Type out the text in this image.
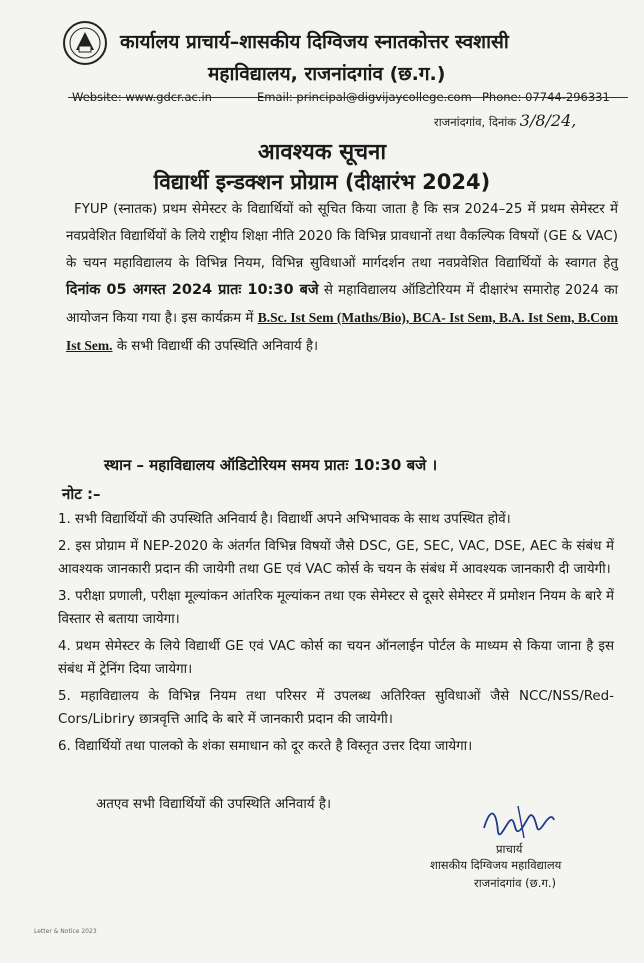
कार्यालय प्राचार्य–शासकीय दिग्विजय स्नातकोत्तर स्वशासी
महाविद्यालय, राजनांदगांव (छ.ग.)
Website: www.gdcr.ac.in	Email: principal@digvijaycollege.com Phone: 07744-296331
राजनांदगांव, दिनांक 3/8/24,
आवश्यक सूचना
विद्यार्थी इन्डक्शन प्रोग्राम (दीक्षारंभ 2024)
FYUP (स्नातक) प्रथम सेमेस्टर के विद्यार्थियों को सूचित किया जाता है कि सत्र 2024–25 में प्रथम सेमेस्टर में नवप्रवेशित विद्यार्थियों के लिये राष्ट्रीय शिक्षा नीति 2020 कि विभिन्न प्रावधानों तथा वैकल्पिक विषयों (GE & VAC) के चयन महाविद्यालय के विभिन्न नियम, विभिन्न सुविधाओं मार्गदर्शन तथा नवप्रवेशित विद्यार्थियों के स्वागत हेतु दिनांक 05 अगस्त 2024 प्रातः 10:30 बजे से महाविद्यालय ऑडिटोरियम में दीक्षारंभ समारोह 2024 का आयोजन किया गया है। इस कार्यक्रम में B.Sc. Ist Sem (Maths/Bio), BCA- Ist Sem, B.A. Ist Sem, B.Com Ist Sem. के सभी विद्यार्थी की उपस्थिति अनिवार्य है।
स्थान – महाविद्यालय ऑडिटोरियम समय प्रातः 10:30 बजे ।
नोट :–

1. सभी विद्यार्थियों की उपस्थिति अनिवार्य है। विद्यार्थी अपने अभिभावक के साथ उपस्थित होवें।

2. इस प्रोग्राम में NEP-2020 के अंतर्गत विभिन्न विषयों जैसे DSC, GE, SEC, VAC, DSE, AEC के संबंध में आवश्यक जानकारी प्रदान की जायेगी तथा GE एवं VAC कोर्स के चयन के संबंध में आवश्यक जानकारी दी जायेगी।

3. परीक्षा प्रणाली, परीक्षा मूल्यांकन आंतरिक मूल्यांकन तथा एक सेमेस्टर से दूसरे सेमेस्टर में प्रमोशन नियम के बारे में विस्तार से बताया जायेगा।

4. प्रथम सेमेस्टर के लिये विद्यार्थी GE एवं VAC कोर्स का चयन ऑनलाईन पोर्टल के माध्यम से किया जाना है इस संबंध में ट्रेनिंग दिया जायेगा।

5. महाविद्यालय के विभिन्न नियम तथा परिसर में उपलब्ध अतिरिक्त सुविधाओं जैसे NCC/NSS/Red-Cors/Libriry छात्रवृत्ति आदि के बारे में जानकारी प्रदान की जायेगी।

6. विद्यार्थियों तथा पालको के शंका समाधान को दूर करते है विस्तृत उत्तर दिया जायेगा।

अतएव सभी विद्यार्थियों की उपस्थिति अनिवार्य है।
प्राचार्य
शासकीय दिग्विजय महाविद्यालय
राजनांदगांव (छ.ग.)
Letter & Notice 2023
